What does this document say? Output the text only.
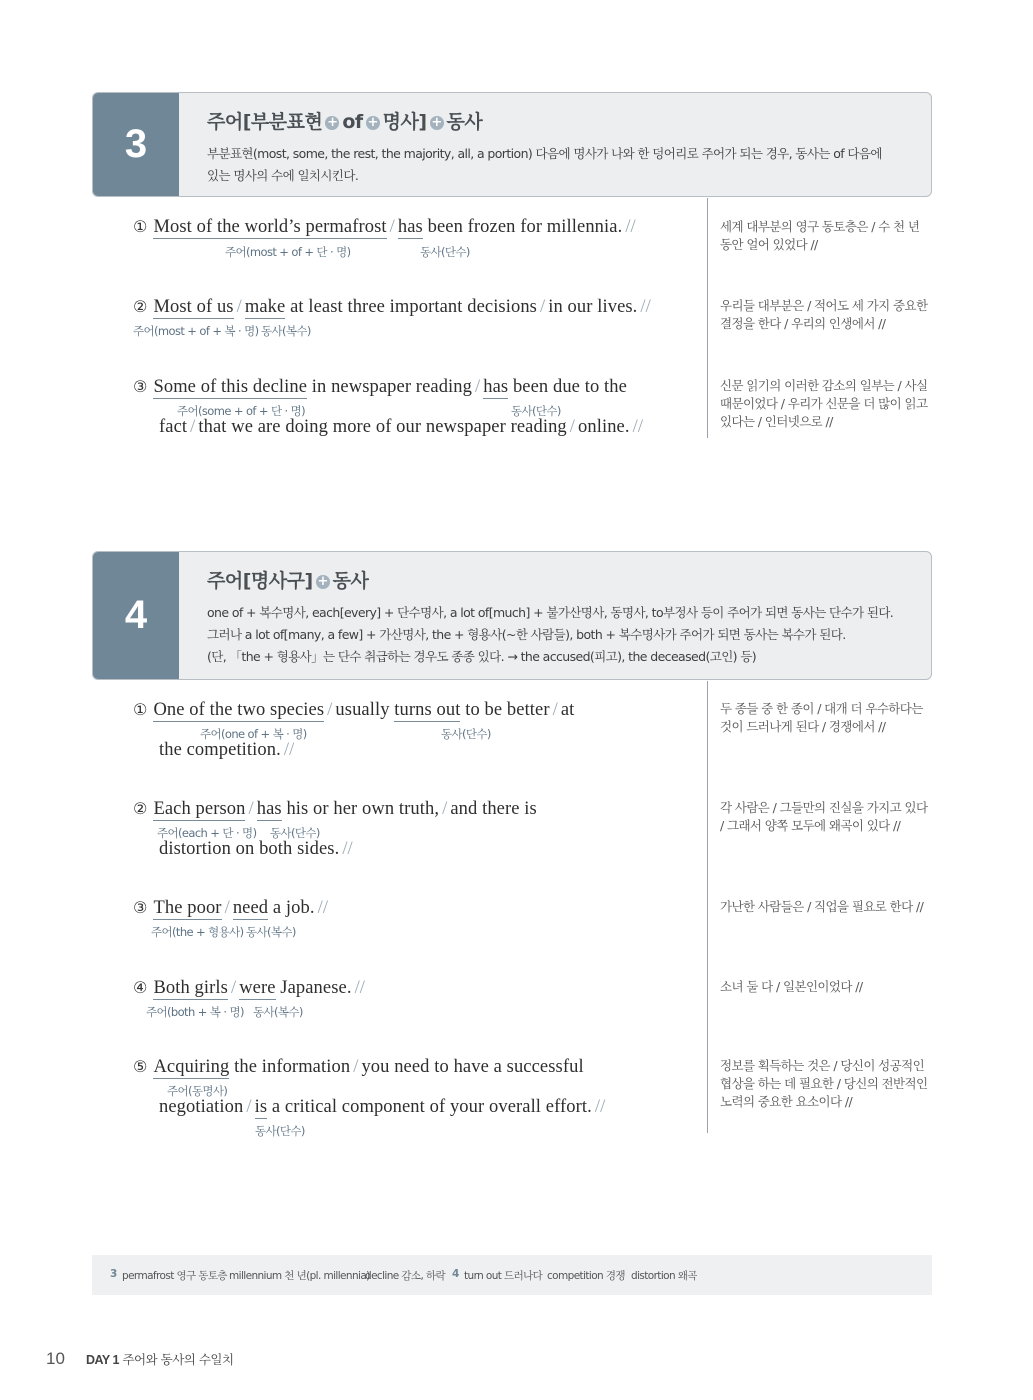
3	주어[부분표현 + of + 명사] + 동사
부분표현(most, some, the rest, the majority, all, a portion) 다음에 명사가 나와 한 덩어리로 주어가 되는 경우, 동사는 of 다음에
있는 명사의 수에 일치시킨다.
① Most of the world’s permafrost / has been frozen for millennia. //
주어(most + of + 단 · 명)	동사(단수)
세계 대부분의 영구 동토층은 / 수 천 년 동안 얼어 있었다 //
② Most of us / make at least three important decisions / in our lives. //
주어(most + of + 복 · 명) 동사(복수)
우리들 대부분은 / 적어도 세 가지 중요한 결정을 한다 / 우리의 인생에서 //
③ Some of this decline in newspaper reading / has been due to the
주어(some + of + 단 · 명)	동사(단수)
fact / that we are doing more of our newspaper reading / online. //
신문 읽기의 이러한 감소의 일부는 / 사실 때문이었다 / 우리가 신문을 더 많이 읽고 있다는 / 인터넷으로 //
4
주어[명사구] + 동사
one of + 복수명사, each[every] + 단수명사, a lot of[much] + 불가산명사, 동명사, to부정사 등이 주어가 되면 동사는 단수가 된다.
그러나 a lot of[many, a few] + 가산명사, the + 형용사(~한 사람들), both + 복수명사가 주어가 되면 동사는 복수가 된다.
(단, 「the + 형용사」는 단수 취급하는 경우도 종종 있다. → the accused(피고), the deceased(고인) 등)
① One of the two species / usually turns out to be better / at
주어(one of + 복 · 명)	동사(단수)
the competition. //
두 종들 중 한 종이 / 대개 더 우수하다는 것이 드러나게 된다 / 경쟁에서 //
② Each person / has his or her own truth, / and there is
주어(each + 단 · 명) 동사(단수)
distortion on both sides. //
각 사람은 / 그들만의 진실을 가지고 있다 / 그래서 양쪽 모두에 왜곡이 있다 //
③ The poor / need a job. //
주어(the + 형용사) 동사(복수)
가난한 사람들은 / 직업을 필요로 한다 //
④ Both girls / were Japanese. //
주어(both + 복 · 명) 동사(복수)
소녀 둘 다 / 일본인이었다 //
⑤ Acquiring the information / you need to have a successful
주어(동명사)
negotiation / is a critical component of your overall effort. //
동사(단수)
정보를 획득하는 것은 / 당신이 성공적인 협상을 하는 데 필요한 / 당신의 전반적인 노력의 중요한 요소이다 //
3 permafrost 영구 동토층 millennium 천 년(pl. millennia)
decline 감소, 하락 4 turn out 드러나다 competition 경쟁 distortion 왜곡
10 DAY 1 주어와 동사의 수일치
